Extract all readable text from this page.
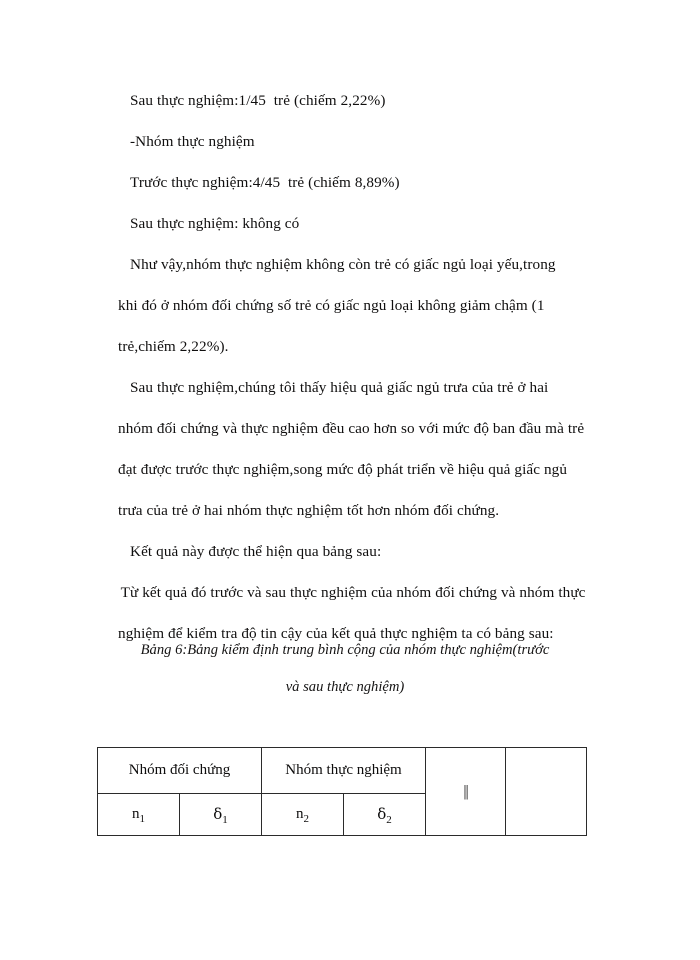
Sau thực nghiệm:1/45  trẻ (chiếm 2,22%)
-Nhóm thực nghiệm
Trước thực nghiệm:4/45  trẻ (chiếm 8,89%)
Sau thực nghiệm: không có
Như vậy,nhóm thực nghiệm không còn trẻ có giấc ngủ loại yếu,trong
khi đó ở nhóm đối chứng số trẻ có giấc ngủ loại không giảm chậm (1
trẻ,chiếm 2,22%).
Sau thực nghiệm,chúng tôi thấy hiệu quả giấc ngủ trưa của trẻ ở hai
nhóm đối chứng và thực nghiệm đều cao hơn so với mức độ ban đầu mà trẻ
đạt được trước thực nghiệm,song mức độ phát triển về hiệu quả giấc ngủ
trưa của trẻ ở hai nhóm thực nghiệm tốt hơn nhóm đối chứng.
Kết quả này được thể hiện qua bảng sau:
Từ kết quả đó trước và sau thực nghiệm của nhóm đối chứng và nhóm thực
nghiệm để kiểm tra độ tin cậy của kết quả thực nghiệm ta có bảng sau:
Bảng 6:Bảng kiểm định trung bình cộng của nhóm thực nghiệm(trước
và sau thực nghiệm)
Nhóm đối chứng		Nhóm thực nghiệm		||	
$n_1$	$\delta_1$	$n_2$	$\delta_2$
